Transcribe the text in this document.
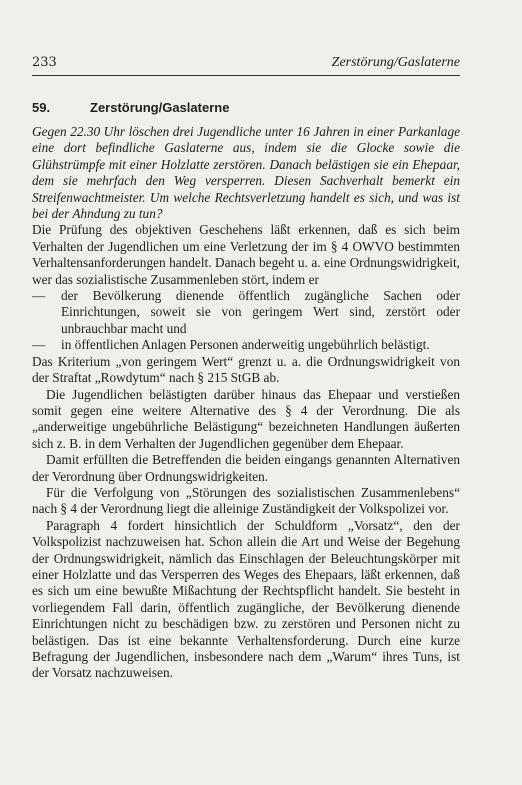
233	Zerstörung/Gaslaterne
59.	Zerstörung/Gaslaterne

Gegen 22.30 Uhr löschen drei Jugendliche unter 16 Jahren in einer Parkanlage eine dort befindliche Gaslaterne aus, indem sie die Glocke sowie die Glühstrümpfe mit einer Holzlatte zerstören. Danach belästigen sie ein Ehepaar, dem sie mehrfach den Weg versperren. Diesen Sachverhalt bemerkt ein Streifenwachtmeister. Um welche Rechtsverletzung handelt es sich, und was ist bei der Ahndung zu tun?

Die Prüfung des objektiven Geschehens läßt erkennen, daß es sich beim Verhalten der Jugendlichen um eine Verletzung der im § 4 OWVO bestimmten Verhaltensanforderungen handelt. Danach begeht u. a. eine Ordnungswidrigkeit, wer das sozialistische Zusammenleben stört, indem er

— der Bevölkerung dienende öffentlich zugängliche Sachen oder Einrichtungen, soweit sie von geringem Wert sind, zerstört oder unbrauchbar macht und
— in öffentlichen Anlagen Personen anderweitig ungebührlich belästigt.

Das Kriterium „von geringem Wert“ grenzt u. a. die Ordnungswidrigkeit von der Straftat „Rowdytum“ nach § 215 StGB ab.

Die Jugendlichen belästigten darüber hinaus das Ehepaar und verstießen somit gegen eine weitere Alternative des § 4 der Verordnung. Die als „anderweitige ungebührliche Belästigung“ bezeichneten Handlungen äußerten sich z. B. in dem Verhalten der Jugendlichen gegenüber dem Ehepaar.

Damit erfüllten die Betreffenden die beiden eingangs genannten Alternativen der Verordnung über Ordnungswidrigkeiten.

Für die Verfolgung von „Störungen des sozialistischen Zusammenlebens“ nach § 4 der Verordnung liegt die alleinige Zuständigkeit der Volkspolizei vor.

Paragraph 4 fordert hinsichtlich der Schuldform „Vorsatz“, den der Volkspolizist nachzuweisen hat. Schon allein die Art und Weise der Begehung der Ordnungswidrigkeit, nämlich das Einschlagen der Beleuchtungskörper mit einer Holzlatte und das Versperren des Weges des Ehepaars, läßt erkennen, daß es sich um eine bewußte Mißachtung der Rechtspflicht handelt. Sie besteht in vorliegendem Fall darin, öffentlich zugängliche, der Bevölkerung dienende Einrichtungen nicht zu beschädigen bzw. zu zerstören und Personen nicht zu belästigen. Das ist eine bekannte Verhaltensforderung. Durch eine kurze Befragung der Jugendlichen, insbesondere nach dem „Warum“ ihres Tuns, ist der Vorsatz nachzuweisen.
